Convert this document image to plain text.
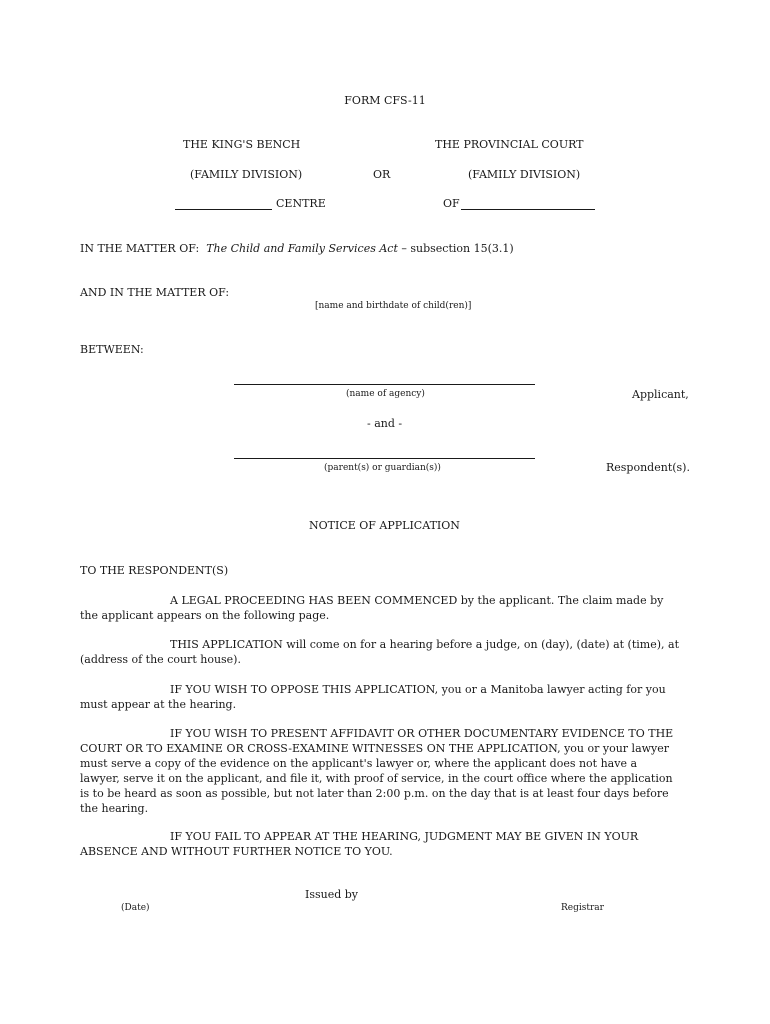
FORM CFS-11
THE KING'S BENCH	THE PROVINCIAL COURT
(FAMILY DIVISION)	OR	(FAMILY DIVISION)
CENTRE	OF
IN THE MATTER OF: The Child and Family Services Act – subsection 15(3.1)
AND IN THE MATTER OF:
[name and birthdate of child(ren)]
BETWEEN:
(name of agency)	Applicant,
- and -
(parent(s) or guardian(s))	Respondent(s).
NOTICE OF APPLICATION
TO THE RESPONDENT(S)
A LEGAL PROCEEDING HAS BEEN COMMENCED by the applicant. The claim made by the applicant appears on the following page.
THIS APPLICATION will come on for a hearing before a judge, on (day), (date) at (time), at (address of the court house).
IF YOU WISH TO OPPOSE THIS APPLICATION, you or a Manitoba lawyer acting for you must appear at the hearing.
IF YOU WISH TO PRESENT AFFIDAVIT OR OTHER DOCUMENTARY EVIDENCE TO THE COURT OR TO EXAMINE OR CROSS-EXAMINE WITNESSES ON THE APPLICATION, you or your lawyer must serve a copy of the evidence on the applicant's lawyer or, where the applicant does not have a lawyer, serve it on the applicant, and file it, with proof of service, in the court office where the application is to be heard as soon as possible, but not later than 2:00 p.m. on the day that is at least four days before the hearing.
IF YOU FAIL TO APPEAR AT THE HEARING, JUDGMENT MAY BE GIVEN IN YOUR ABSENCE AND WITHOUT FURTHER NOTICE TO YOU.
Issued by
(Date)	Registrar
